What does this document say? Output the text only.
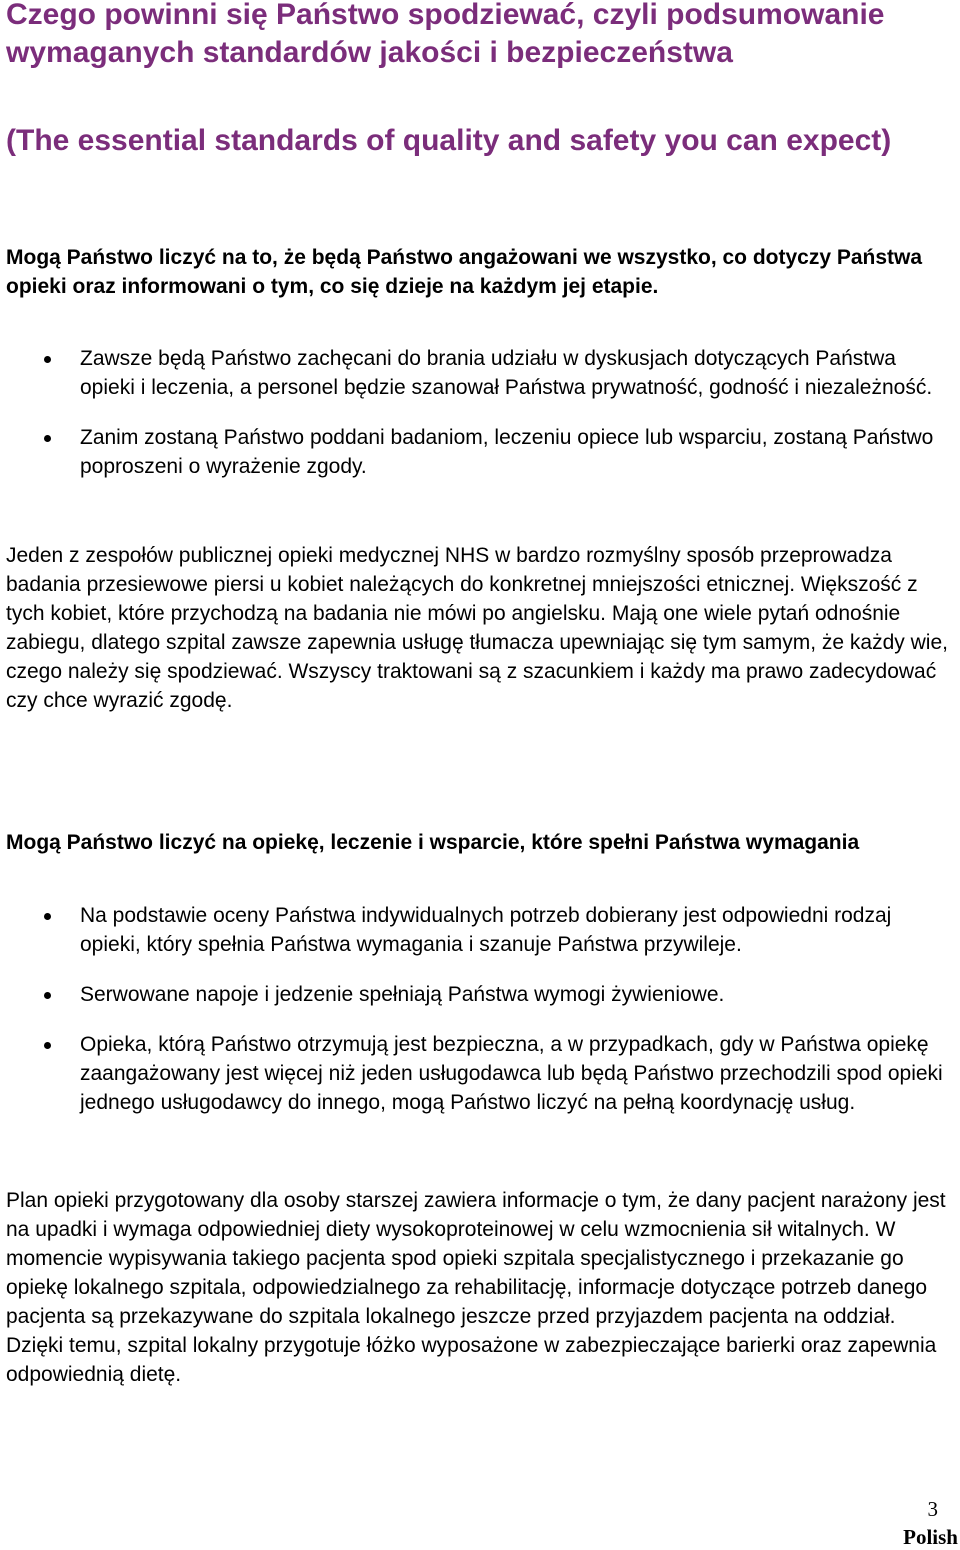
Czego powinni się Państwo spodziewać, czyli podsumowanie wymaganych standardów jakości i bezpieczeństwa
(The essential standards of quality and safety you can expect)

Mogą Państwo liczyć na to, że będą Państwo angażowani we wszystko, co dotyczy Państwa opieki oraz informowani o tym, co się dzieje na każdym jej etapie.

Zawsze będą Państwo zachęcani do brania udziału w dyskusjach dotyczących Państwa opieki i leczenia, a personel będzie szanował Państwa prywatność, godność i niezależność.
Zanim zostaną Państwo poddani badaniom, leczeniu opiece lub wsparciu, zostaną Państwo poproszeni o wyrażenie zgody.

Jeden z zespołów publicznej opieki medycznej NHS w bardzo rozmyślny sposób przeprowadza badania przesiewowe piersi u kobiet należących do konkretnej mniejszości etnicznej. Większość z tych kobiet, które przychodzą na badania nie mówi po angielsku. Mają one wiele pytań odnośnie zabiegu, dlatego szpital zawsze zapewnia usługę tłumacza upewniając się tym samym, że każdy wie, czego należy się spodziewać. Wszyscy traktowani są z szacunkiem i każdy ma prawo zadecydować czy chce wyrazić zgodę.

Mogą Państwo liczyć na opiekę, leczenie i wsparcie, które spełni Państwa wymagania

Na podstawie oceny Państwa indywidualnych potrzeb dobierany jest odpowiedni rodzaj opieki, który spełnia Państwa wymagania i szanuje Państwa przywileje.
Serwowane napoje i jedzenie spełniają Państwa wymogi żywieniowe.
Opieka, którą Państwo otrzymują jest bezpieczna, a w przypadkach, gdy w Państwa opiekę zaangażowany jest więcej niż jeden usługodawca lub będą Państwo przechodzili spod opieki jednego usługodawcy do innego, mogą Państwo liczyć na pełną koordynację usług.

Plan opieki przygotowany dla osoby starszej zawiera informacje o tym, że dany pacjent narażony jest na upadki i wymaga odpowiedniej diety wysokoproteinowej w celu wzmocnienia sił witalnych. W momencie wypisywania takiego pacjenta spod opieki szpitala specjalistycznego i przekazanie go opiekę lokalnego szpitala, odpowiedzialnego za rehabilitację, informacje dotyczące potrzeb danego pacjenta są przekazywane do szpitala lokalnego jeszcze przed przyjazdem pacjenta na oddział. Dzięki temu, szpital lokalny przygotuje łóżko wyposażone w zabezpieczające barierki oraz zapewnia odpowiednią dietę.

3

Polish
